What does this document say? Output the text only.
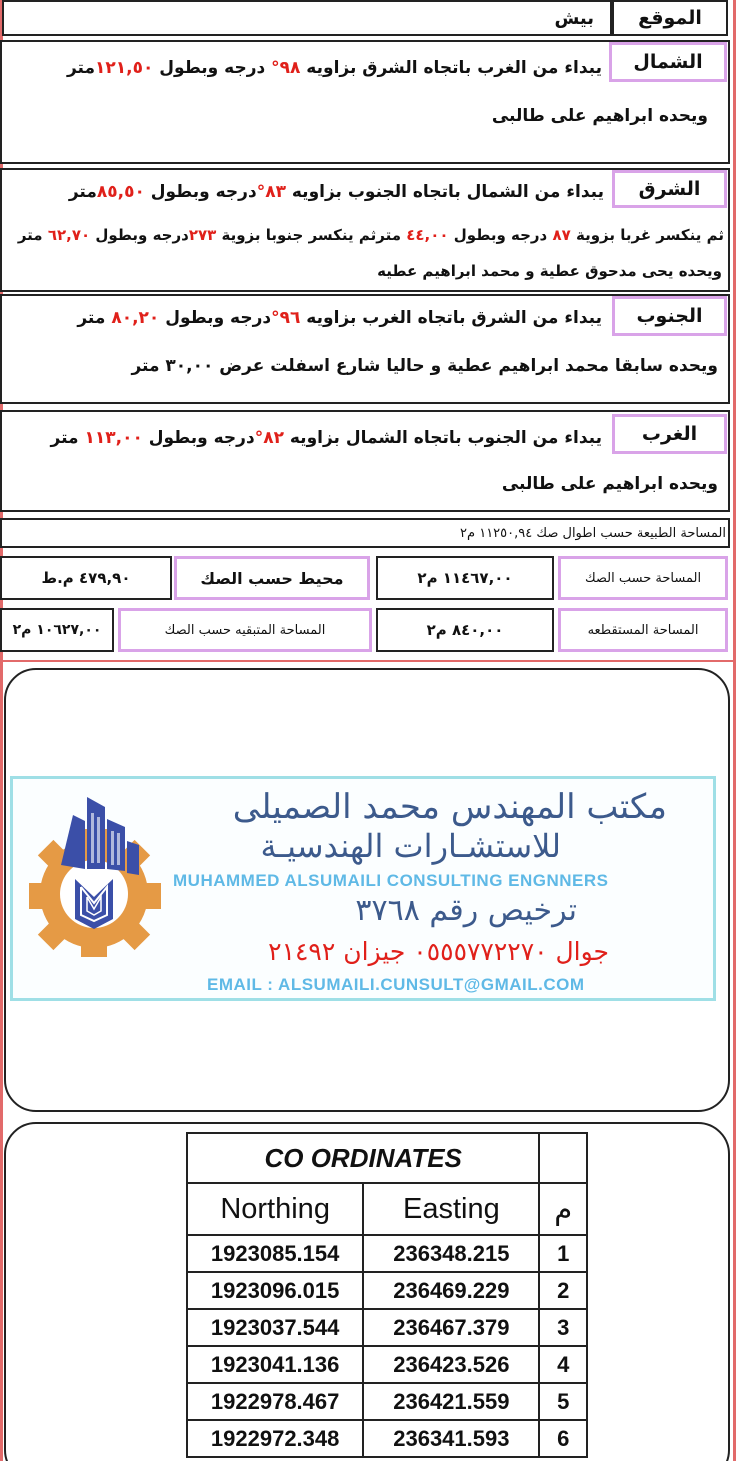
بيش	الموقع
الشمال
يبداء من الغرب باتجاه الشرق بزاويه ٩٨° درجه وبطول ١٢١,٥٠متر
ويحده ابراهيم على طالبى
الشرق
يبداء من الشمال باتجاه الجنوب بزاويه ٨٣°درجه وبطول ٨٥,٥٠متر
ثم ينكسر غربا بزوية ٨٧ درجه وبطول ٤٤,٠٠ مترثم ينكسر جنوبا بزوية ٢٧٣درجه وبطول ٦٢,٧٠ متر
ويحده يحى مدحوق عطية و محمد ابراهيم عطيه
الجنوب
يبداء من الشرق باتجاه الغرب بزاويه ٩٦°درجه وبطول ٨٠,٢٠ متر
ويحده سابقا محمد ابراهيم عطية و حاليا شارع اسفلت عرض ٣٠,٠٠ متر
الغرب
يبداء من الجنوب باتجاه الشمال بزاويه ٨٢°درجه وبطول ١١٣,٠٠ متر
ويحده ابراهيم على طالبى
المساحة الطبيعة حسب اطوال صك ١١٢٥٠,٩٤ م٢
المساحة حسب الصك
١١٤٦٧,٠٠ م٢
محيط حسب الصك
٤٧٩,٩٠ م.ط
المساحة المستقطعه
٨٤٠,٠٠ م٢
المساحة المتبقيه حسب الصك
١٠٦٢٧,٠٠ م٢
مكتب المهندس محمد الصميلى
للاستشـارات الهندسيـة
MUHAMMED ALSUMAILI CONSULTING ENGNNERS
ترخيص رقم ٣٧٦٨
جوال ٠٥٥٥٧٧٢٢٧٠ جيزان ٢١٤٩٢
EMAIL : ALSUMAILI.CUNSULT@GMAIL.COM
CO ORDINATES		
Northing	Easting	م
1923085.154	236348.215	1
1923096.015	236469.229	2
1923037.544	236467.379	3
1923041.136	236423.526	4
1922978.467	236421.559	5
1922972.348	236341.593	6
